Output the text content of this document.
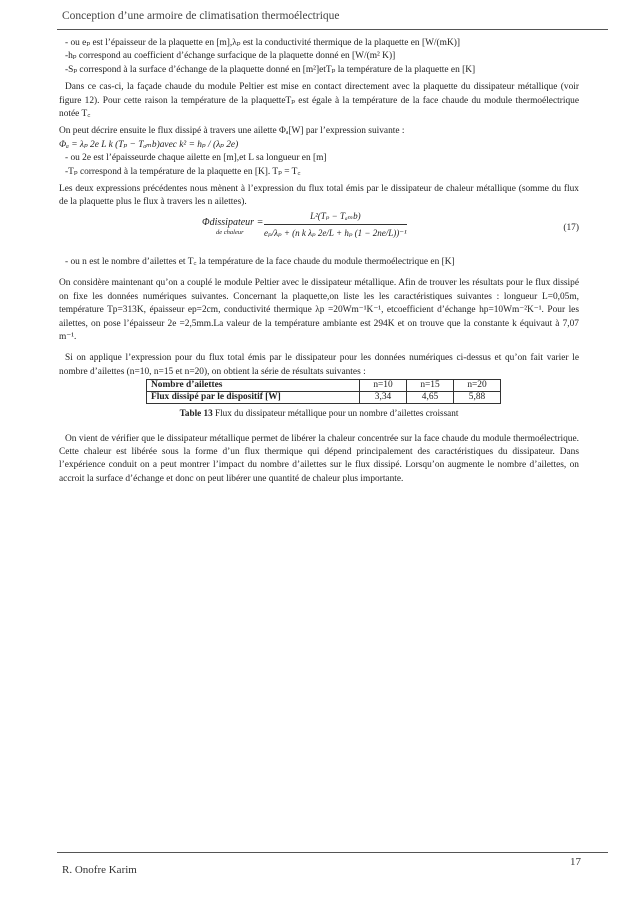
Conception d’une armoire de climatisation thermoélectrique

- ou eₚ est l’épaisseur de la plaquette en [m],λₚ est la conductivité thermique de la plaquette en [W/(mK)]

-hₚ correspond au coefficient d’échange surfacique de la plaquette donné en [W/(m² K)]

-Sₚ correspond à la surface d’échange de la plaquette donné en [m²]etTₚ la température de la plaquette en [K]

Dans ce cas-ci, la façade chaude du module Peltier est mise en contact directement avec la plaquette du dissipateur métallique (voir figure 12). Pour cette raison la température de la plaquetteTₚ est égale à la température de la face chaude du module thermoélectrique notée T꜀

On peut décrire ensuite le flux dissipé à travers une ailette Φₐ[W] par l’expression suivante :

Φₐ = λₚ 2e L k (Tₚ − Tₐₘb)avec k² = hₚ / (λₚ 2e)

- ou 2e est l’épaisseurde chaque ailette en [m],et L sa longueur en [m]

-Tₚ correspond à la température de la plaquette en [K]. Tₚ = T꜀

Les deux expressions précédentes nous mènent à l’expression du flux total émis par le dissipateur de chaleur métallique (somme du flux de la plaquette plus le flux à travers les n ailettes).

Φdissipateur =
de chaleur
L²(Tₚ − Tₐₘb)
eₚ/λₚ + (n k λₚ 2e/L + hₚ (1 − 2ne/L))⁻¹
(17)

- ou n est le nombre d’ailettes et T꜀ la température de la face chaude du module thermoélectrique en [K]

On considère maintenant qu’on a couplé le module Peltier avec le dissipateur métallique. Afin de trouver les résultats pour le flux dissipé on fixe les données numériques suivantes. Concernant la plaquette,on liste les les caractéristiques suivantes : longueur L=0,05m, température Tp=313K, épaisseur ep=2cm, conductivité thermique λp =20Wm⁻¹K⁻¹, etcoefficient d’échange hp=10Wm⁻²K⁻¹. Pour les ailettes, on pose l’épaisseur 2e =2,5mm.La valeur de la température ambiante est 294K et on trouve que la constante k équivaut à 7,07 m⁻¹.

Si on applique l’expression pour du flux total émis par le dissipateur pour les données numériques ci-dessus et qu’on fait varier le nombre d’ailettes (n=10, n=15 et n=20), on obtient la série de résultats suivantes :

Nombre d’ailettes	n=10	n=15	n=20
Flux dissipé par le dispositif [W]	3,34	4,65	5,88
Table 13 Flux du dissipateur métallique pour un nombre d’ailettes croissant

On vient de vérifier que le dissipateur métallique permet de libérer la chaleur concentrée sur la face chaude du module thermoélectrique. Cette chaleur est libérée sous la forme d’un flux thermique qui dépend principalement des caractéristiques du dissipateur. Dans l’expérience conduit on a peut montrer l’impact du nombre d’ailettes sur le flux dissipé. Lorsqu’on augmente le nombre d’ailettes, on accroit la surface d’échange et donc on peut libérer une quantité de chaleur plus importante.

R. Onofre Karim
17
